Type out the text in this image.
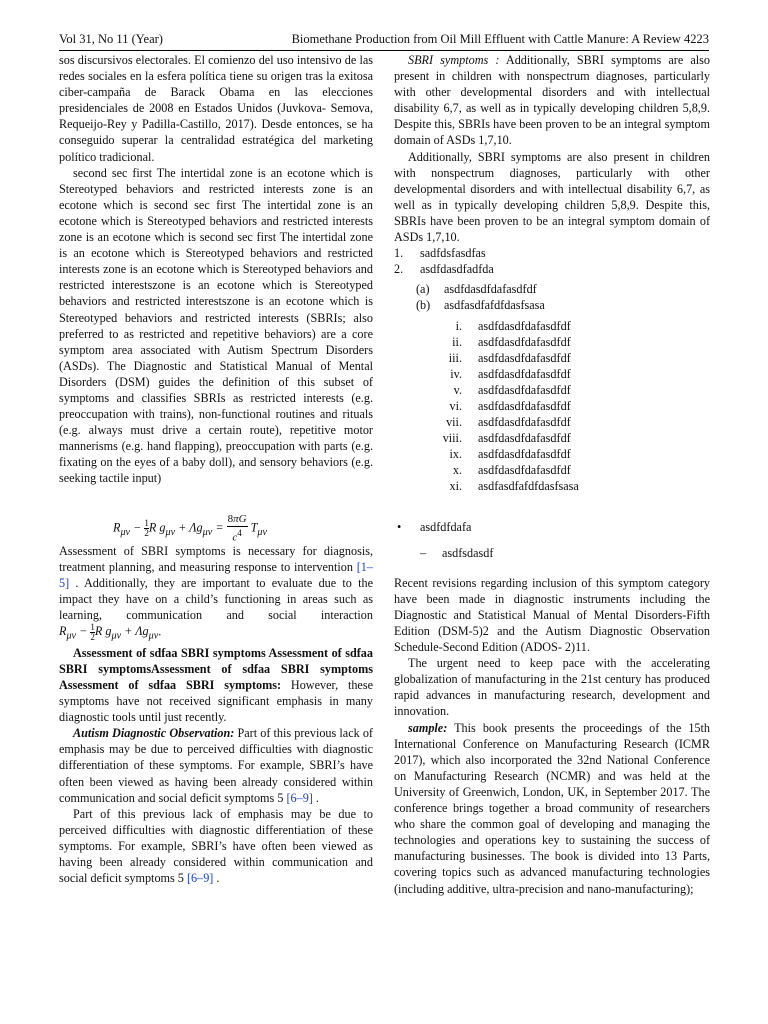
Vol 31, No 11 (Year)	Biomethane Production from Oil Mill Effluent with Cattle Manure: A Review 4223

sos discursivos electorales. El comienzo del uso intensivo de las redes sociales en la esfera política tiene su origen tras la exitosa ciber-campaña de Barack Obama en las elecciones presidenciales de 2008 en Estados Unidos (Juvkova- Semova, Requeijo-Rey y Padilla-Castillo, 2017). Desde entonces, se ha conseguido superar la centralidad estratégica del marketing político tradicional.

second sec first The intertidal zone is an ecotone which is Stereotyped behaviors and restricted interests zone is an ecotone which is second sec first The intertidal zone is an ecotone which is Stereotyped behaviors and restricted interests zone is an ecotone which is second sec first The intertidal zone is an ecotone which is Stereotyped behaviors and restricted interests zone is an ecotone which is Stereotyped behaviors and restricted interestszone is an ecotone which is Stereotyped behaviors and restricted interestszone is an ecotone which is Stereotyped behaviors and restricted interests (SBRIs; also preferred to as restricted and repetitive behaviors) are a core symptom area associated with Autism Spectrum Disorders (ASDs). The Diagnostic and Statistical Manual of Mental Disorders (DSM) guides the definition of this subset of symptoms and classifies SBRIs as restricted interests (e.g. preoccupation with trains), non-functional routines and rituals (e.g. always must drive a certain route), repetitive motor mannerisms (e.g. hand flapping), preoccupation with parts (e.g. fixating on the eyes of a baby doll), and sensory behaviors (e.g. seeking tactile input)

$R_{\mu\nu} - \frac{1}{2}$ R $g_{\mu\nu} + \Lambda g_{\mu\nu} = \frac{8\pi G}{c^4} T_{\mu\nu}$

Assessment of SBRI symptoms is necessary for diagnosis, treatment planning, and measuring response to intervention [1–5] . Additionally, they are important to evaluate due to the impact they have on a child’s functioning in areas such as learning, communication and social interaction $R_{\mu\nu} - \frac{1}{2}$ R $g_{\mu\nu} + \Lambda g_{\mu\nu}$.

Assessment of sdfaa SBRI symptoms Assessment of sdfaa SBRI symptomsAssessment of sdfaa SBRI symptoms Assessment of sdfaa SBRI symptoms: However, these symptoms have not received significant emphasis in many diagnostic tools until just recently.

Autism Diagnostic Observation: Part of this previous lack of emphasis may be due to perceived difficulties with diagnostic differentiation of these symptoms. For example, SBRI’s have often been viewed as having been already considered within communication and social deficit symptoms 5 [6–9] .

Part of this previous lack of emphasis may be due to perceived difficulties with diagnostic differentiation of these symptoms. For example, SBRI’s have often been viewed as having been already considered within communication and social deficit symptoms 5 [6–9] .

SBRI symptoms : Additionally, SBRI symptoms are also present in children with nonspectrum diagnoses, particularly with other developmental disorders and with intellectual disability 6,7, as well as in typically developing children 5,8,9. Despite this, SBRIs have been proven to be an integral symptom domain of ASDs 1,7,10.

Additionally, SBRI symptoms are also present in children with nonspectrum diagnoses, particularly with other developmental disorders and with intellectual disability 6,7, as well as in typically developing children 5,8,9. Despite this, SBRIs have been proven to be an integral symptom domain of ASDs 1,7,10.

1. sadfdsfasdfas
2. asdfdasdfadfda
(a) asdfdasdfdafasdfdf
(b) asdfasdfafdfdasfsasa
i. asdfdasdfdafasdfdf
ii. asdfdasdfdafasdfdf
iii. asdfdasdfdafasdfdf
iv. asdfdasdfdafasdfdf
v. asdfdasdfdafasdfdf
vi. asdfdasdfdafasdfdf
vii. asdfdasdfdafasdfdf
viii. asdfdasdfdafasdfdf
ix. asdfdasdfdafasdfdf
x. asdfdasdfdafasdfdf
xi. asdfasdfafdfdasfsasa
• asdfdfdafa
– asdfsdasdf

Recent revisions regarding inclusion of this symptom category have been made in diagnostic instruments including the Diagnostic and Statistical Manual of Mental Disorders-Fifth Edition (DSM-5)2 and the Autism Diagnostic Observation Schedule-Second Edition (ADOS- 2)11.

The urgent need to keep pace with the accelerating globalization of manufacturing in the 21st century has produced rapid advances in manufacturing research, development and innovation.

sample: This book presents the proceedings of the 15th International Conference on Manufacturing Research (ICMR 2017), which also incorporated the 32nd National Conference on Manufacturing Research (NCMR) and was held at the University of Greenwich, London, UK, in September 2017. The conference brings together a broad community of researchers who share the common goal of developing and managing the technologies and operations key to sustaining the success of manufacturing businesses. The book is divided into 13 Parts, covering topics such as advanced manufacturing technologies (including additive, ultra-precision and nano-manufacturing);
